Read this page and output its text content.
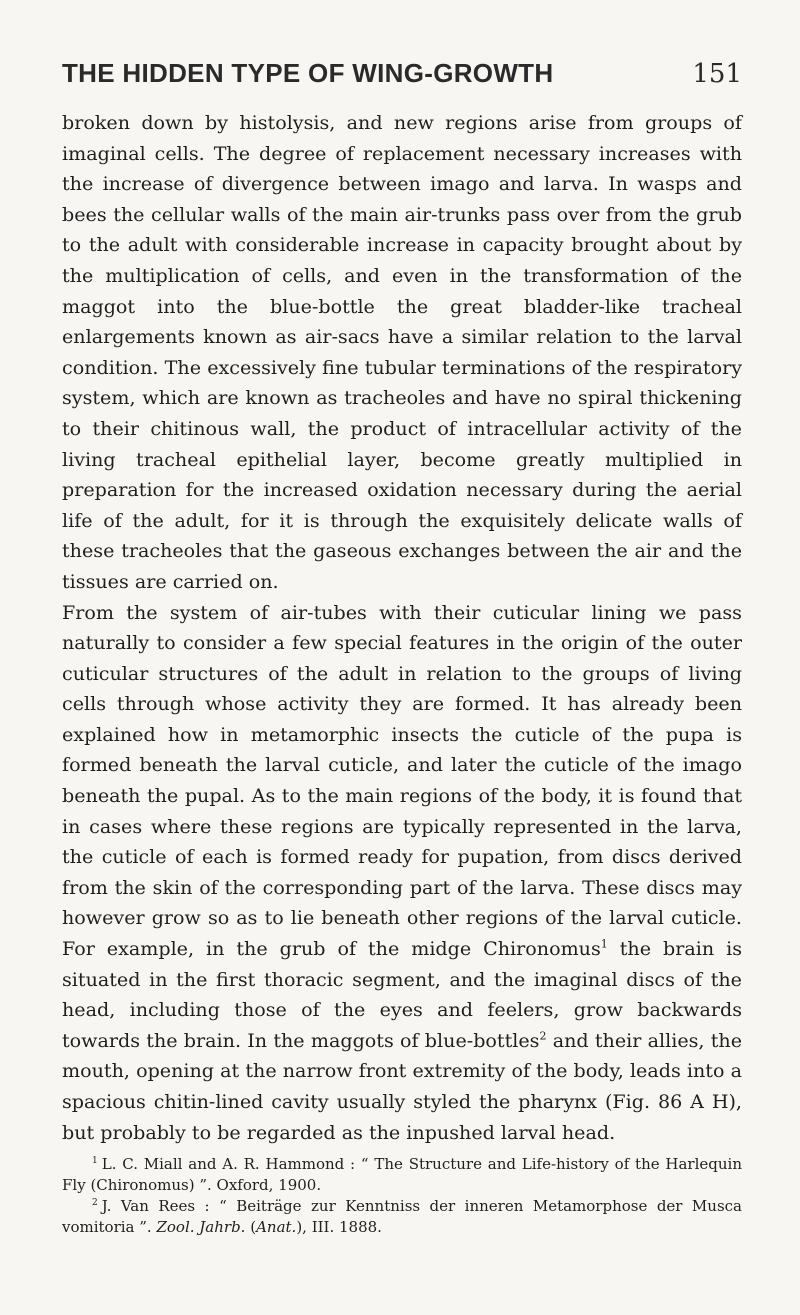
THE HIDDEN TYPE OF WING-GROWTH	151

broken down by histolysis, and new regions arise from groups of imaginal cells. The degree of replacement necessary increases with the increase of divergence between imago and larva. In wasps and bees the cellular walls of the main air-trunks pass over from the grub to the adult with considerable increase in capacity brought about by the multiplication of cells, and even in the transformation of the maggot into the blue-bottle the great bladder-like tracheal enlargements known as air-sacs have a similar relation to the larval condition. The excessively fine tubular terminations of the respiratory system, which are known as tracheoles and have no spiral thickening to their chitinous wall, the product of intracellular activity of the living tracheal epithelial layer, become greatly multiplied in preparation for the increased oxidation necessary during the aerial life of the adult, for it is through the exquisitely delicate walls of these tracheoles that the gaseous exchanges between the air and the tissues are carried on.

From the system of air-tubes with their cuticular lining we pass naturally to consider a few special features in the origin of the outer cuticular structures of the adult in relation to the groups of living cells through whose activity they are formed. It has already been explained how in metamorphic insects the cuticle of the pupa is formed beneath the larval cuticle, and later the cuticle of the imago beneath the pupal. As to the main regions of the body, it is found that in cases where these regions are typically represented in the larva, the cuticle of each is formed ready for pupation, from discs derived from the skin of the corresponding part of the larva. These discs may however grow so as to lie beneath other regions of the larval cuticle. For example, in the grub of the midge Chironomus$^1$ the brain is situated in the first thoracic segment, and the imaginal discs of the head, including those of the eyes and feelers, grow backwards towards the brain. In the maggots of blue-bottles$^2$ and their allies, the mouth, opening at the narrow front extremity of the body, leads into a spacious chitin-lined cavity usually styled the pharynx (Fig. 86 A H), but probably to be regarded as the inpushed larval head.

$^1$ L. C. Miall and A. R. Hammond : “ The Structure and Life-history of the Harlequin Fly (Chironomus) ”. Oxford, 1900.

$^2$ J. Van Rees : “ Beiträge zur Kenntniss der inneren Metamorphose der Musca vomitoria ”. Zool. Jahrb. (Anat.), III. 1888.
